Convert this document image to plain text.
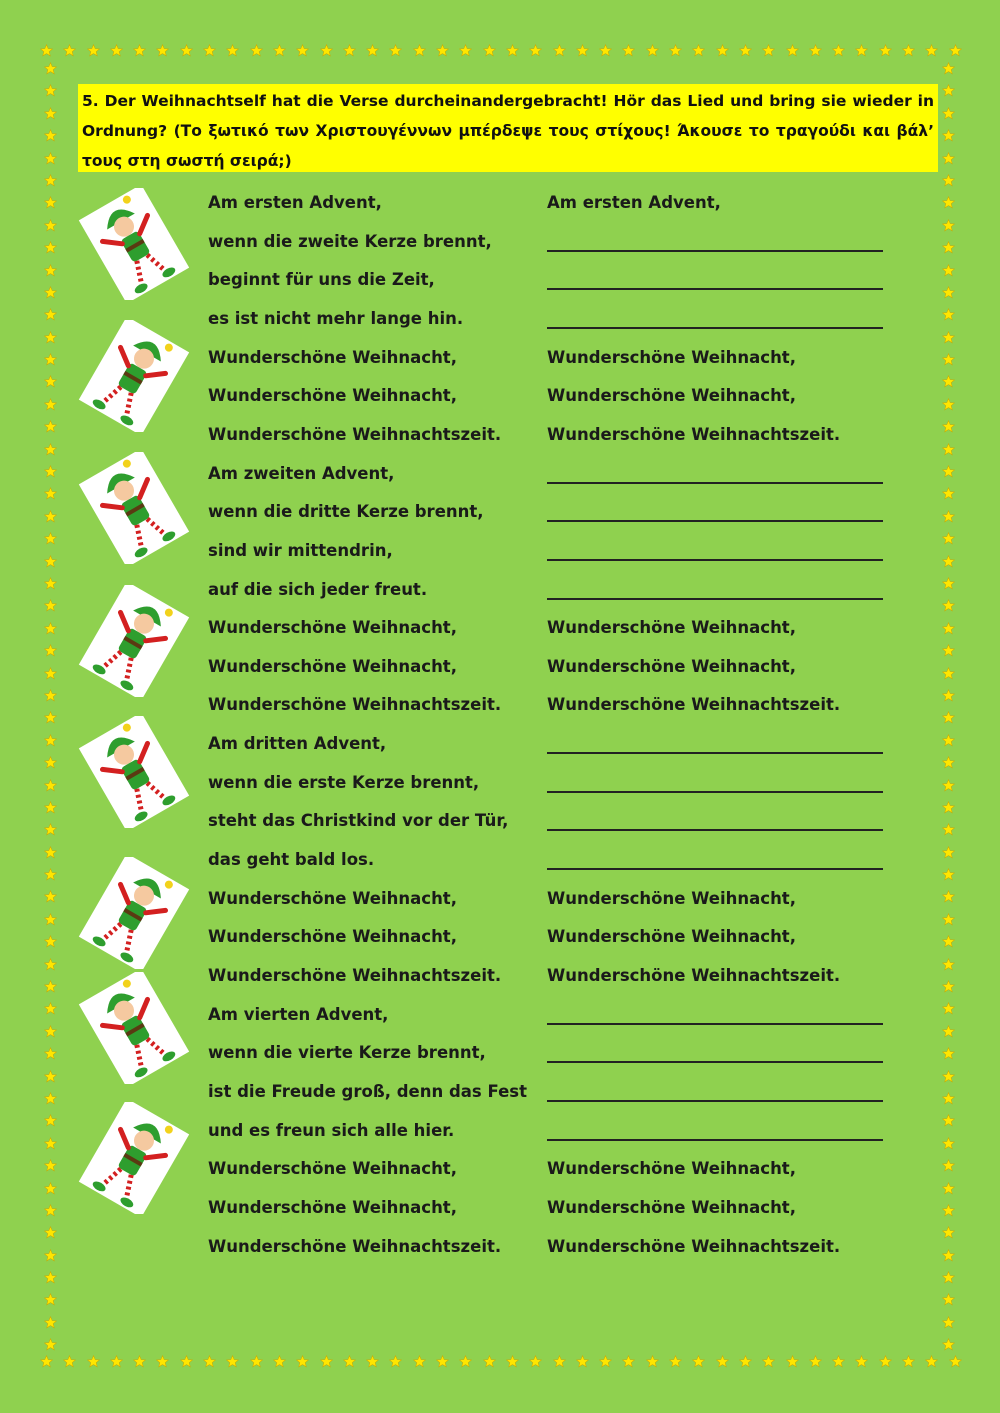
5. Der Weihnachtself hat die Verse durcheinandergebracht! Hör das Lied und bring sie wieder in Ordnung? (Το ξωτικό των Χριστουγέννων μπέρδεψε τους στίχους! Άκουσε το τραγούδι και βάλ’ τους στη σωστή σειρά;)
Am ersten Advent,	Am ersten Advent,
wenn die zweite Kerze brennt,
beginnt für uns die Zeit,
es ist nicht mehr lange hin.
Wunderschöne Weihnacht,	Wunderschöne Weihnacht,
Wunderschöne Weihnacht,	Wunderschöne Weihnacht,
Wunderschöne Weihnachtszeit.	Wunderschöne Weihnachtszeit.
Am zweiten Advent,
wenn die dritte Kerze brennt,
sind wir mittendrin,
auf die sich jeder freut.
Wunderschöne Weihnacht,	Wunderschöne Weihnacht,
Wunderschöne Weihnacht,	Wunderschöne Weihnacht,
Wunderschöne Weihnachtszeit.	Wunderschöne Weihnachtszeit.
Am dritten Advent,
wenn die erste Kerze brennt,
steht das Christkind vor der Tür,
das geht bald los.
Wunderschöne Weihnacht,	Wunderschöne Weihnacht,
Wunderschöne Weihnacht,	Wunderschöne Weihnacht,
Wunderschöne Weihnachtszeit.	Wunderschöne Weihnachtszeit.
Am vierten Advent,
wenn die vierte Kerze brennt,
ist die Freude groß, denn das Fest
und es freun sich alle hier.
Wunderschöne Weihnacht,	Wunderschöne Weihnacht,
Wunderschöne Weihnacht,	Wunderschöne Weihnacht,
Wunderschöne Weihnachtszeit.	Wunderschöne Weihnachtszeit.
